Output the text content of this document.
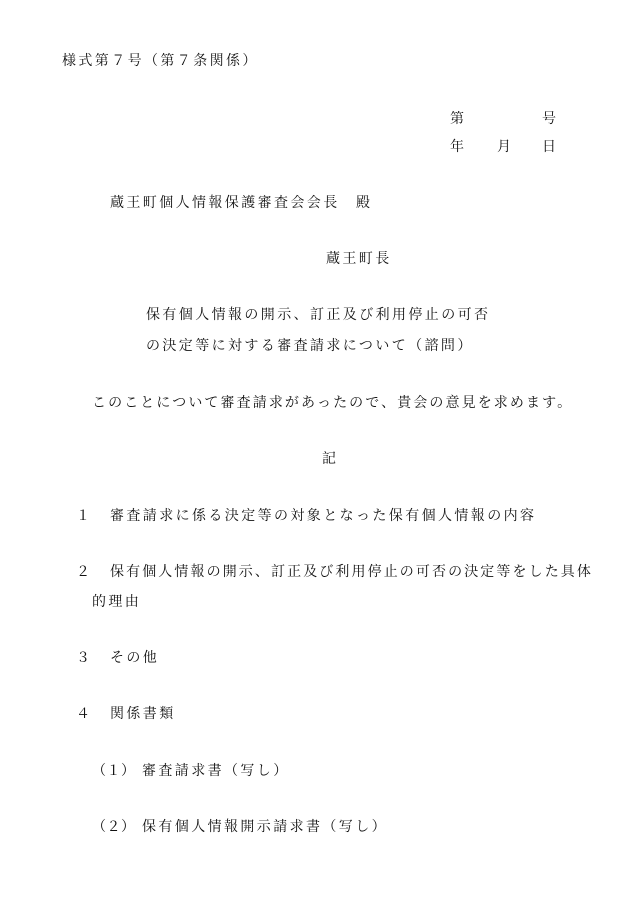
様式第７号（第７条関係）

第	号
年 月 日

蔵王町個人情報保護審査会会長　殿

蔵王町長

保有個人情報の開示、訂正及び利用停止の可否

の決定等に対する審査請求について（諮問）

このことについて審査請求があったので、貴会の意見を求めます。

記

１ 審査請求に係る決定等の対象となった保有個人情報の内容
２ 保有個人情報の開示、訂正及び利用停止の可否の決定等をした具体
的理由
３ その他
４ 関係書類
（１） 審査請求書（写し）
（２） 保有個人情報開示請求書（写し）
